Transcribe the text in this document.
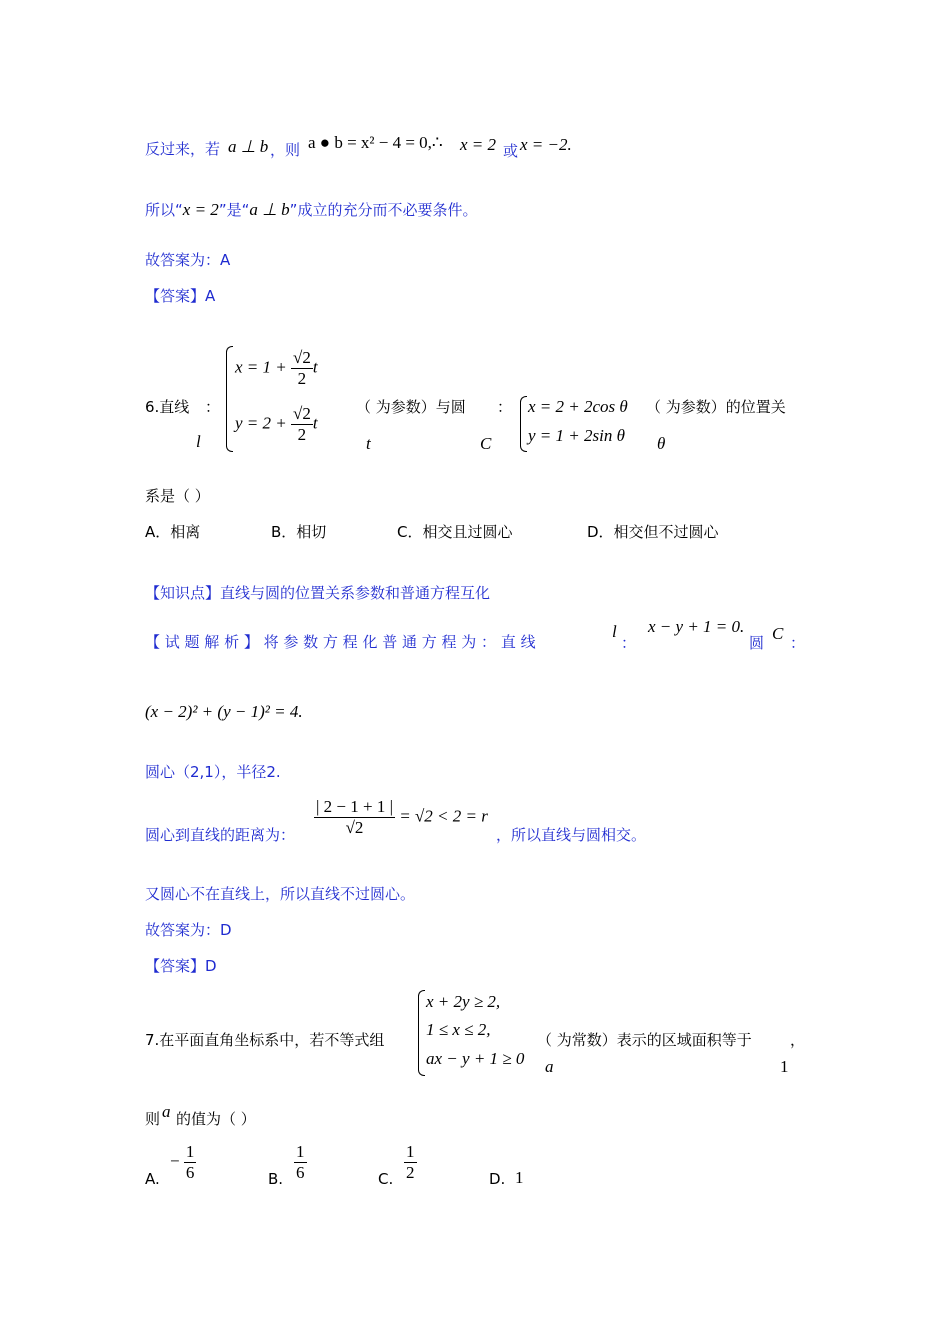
反过来，若 a ⊥ b ，则 a ● b = x² − 4 = 0,∴ x = 2 或 x = −2.
所以“x = 2”是“a ⊥ b”成立的充分而不必要条件。
故答案为：A
【答案】A
6.直线 ：
l
$x = 1 + \frac{√2}{2}$ t
$y = 2 + \frac{√2}{2}$ t
（ 为参数）与圆
t
：
C
x = 2 + 2cos θ
y = 1 + 2sin θ
（ 为参数）的位置关
θ
系是（ ）
A．相离	B．相切	C．相交且过圆心	D．相交但不过圆心
【知识点】直线与圆的位置关系参数和普通方程互化
【 试 题 解 析 】 将 参 数 方 程 化 普 通 方 程 为 ： 直 线
l
：
x − y + 1 = 0.
圆 C ：
(x − 2)² + (y − 1)² = 4.
圆心（2,1），半径2.
圆心到直线的距离为： $\frac{| 2 - 1 + 1 |}{√2} = √2 < 2 = r$
，所以直线与圆相交。
又圆心不在直线上，所以直线不过圆心。
故答案为：D
【答案】D
7.在平面直角坐标系中，若不等式组
x + 2y ≥ 2,
1 ≤ x ≤ 2,
ax − y + 1 ≥ 0
（ 为常数）表示的区域面积等于
a
，
1
则 a 的值为（ ）
A.
− $\frac{1}{6}$	B. $\frac{1}{6}$	C. $\frac{1}{2}$	D. 1
